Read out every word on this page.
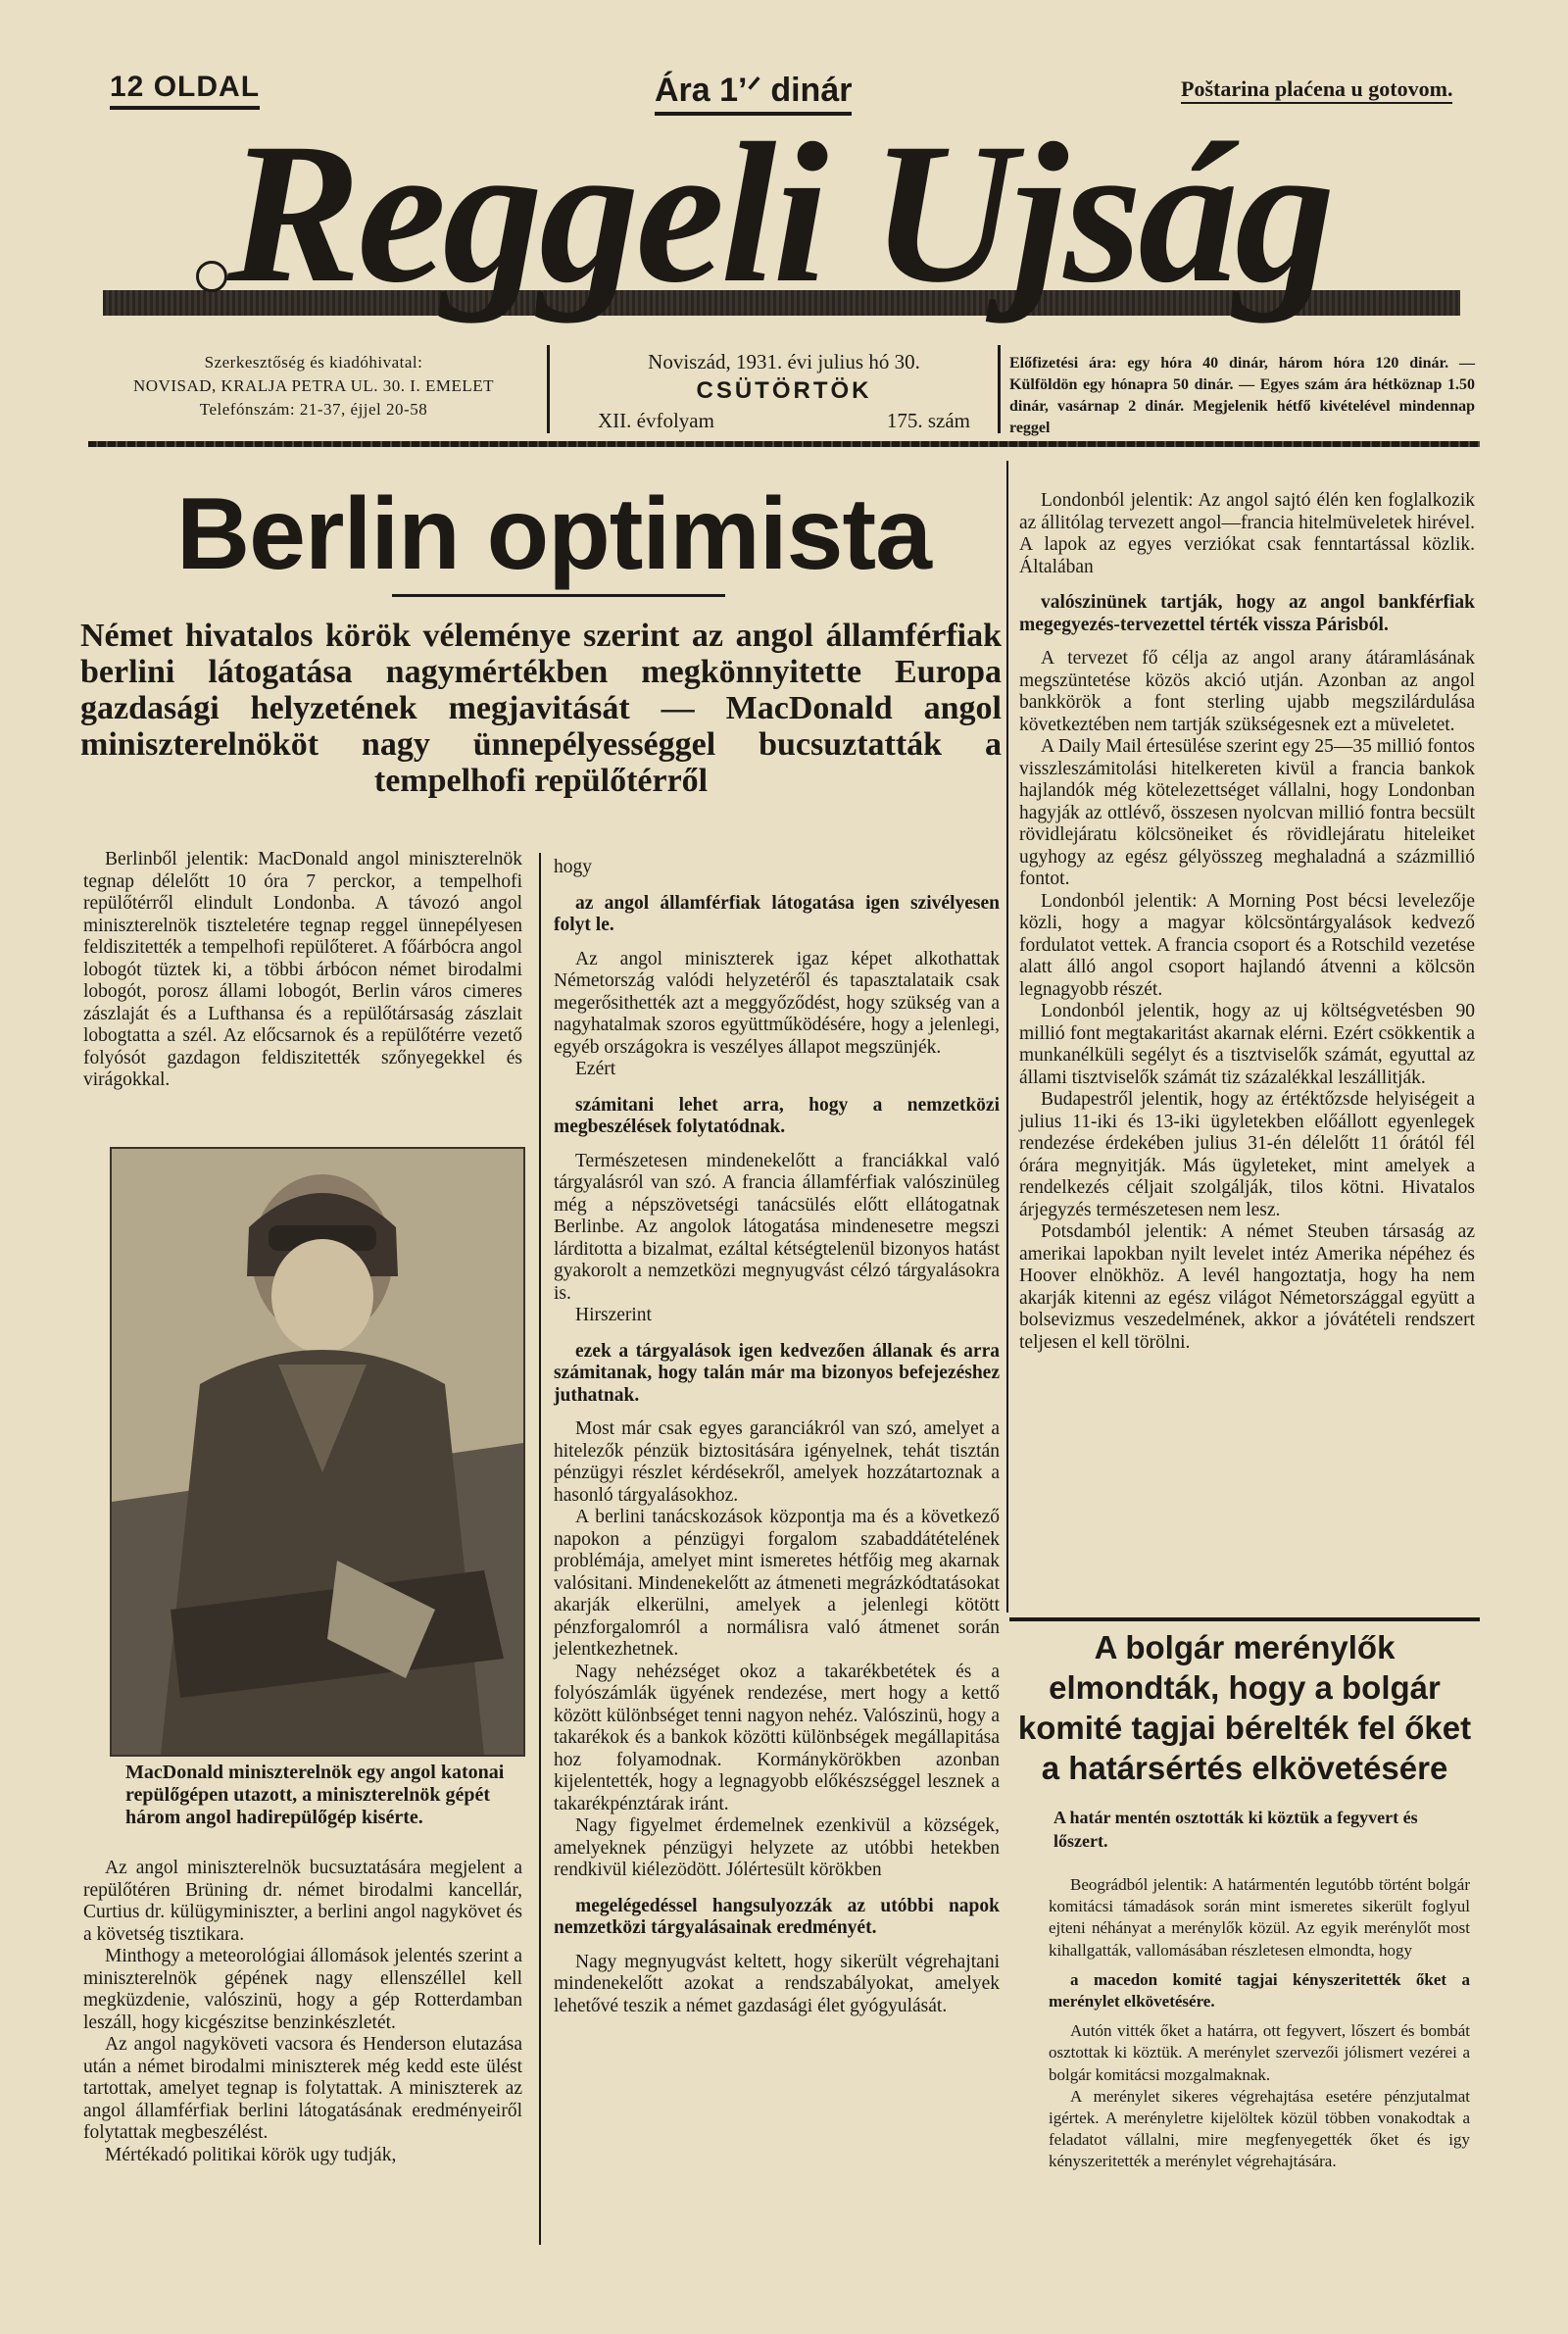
12 OLDAL	Ára 1’ᐟ dinár	Poštarina plaćena u gotovom.
Reggeli Ujság
Szerkesztőség és kiadóhivatal:
NOVISAD, KRALJA PETRA UL. 30. I. EMELET
Telefónszám: 21-37, éjjel 20-58
Noviszád, 1931. évi julius hó 30.
CSÜTÖRTÖK
XII. évfolyam	175. szám
Előfizetési ára: egy hóra 40 dinár, három hóra 120 dinár. — Külföldön egy hónapra 50 dinár. — Egyes szám ára hétköznap 1.50 dinár, vasárnap 2 dinár. Megjelenik hétfő kivételével mindennap reggel
Berlin optimista
Német hivatalos körök véleménye szerint az angol államférfiak berlini látogatása nagymértékben megkönnyitette Europa gazdasági helyzetének megjavitását — MacDonald angol miniszterelnököt nagy ünnepélyességgel bucsuztatták a tempelhofi repülőtérről

Berlinből jelentik: MacDonald angol miniszterelnök tegnap délelőtt 10 óra 7 perckor, a tempelhofi repülőtérről elindult Londonba. A távozó angol miniszterelnök tiszteletére tegnap reggel ünnepélyesen feldiszitették a tempelhofi repülőteret. A főárbócra angol lobogót tüztek ki, a többi árbócon német birodalmi lobogót, porosz állami lobogót, Berlin város cimeres zászlaját és a Lufthansa és a repülőtársaság zászlait lobogtatta a szél. Az előcsarnok és a repülőtérre vezető folyósót gazdagon feldiszitették szőnyegekkel és virágokkal.

MacDonald miniszterelnök egy angol katonai repülőgépen utazott, a miniszterelnök gépét három angol hadirepülőgép kisérte.

Az angol miniszterelnök bucsuztatására megjelent a repülőtéren Brüning dr. német birodalmi kancellár, Curtius dr. külügyminiszter, a berlini angol nagykövet és a követség tisztikara.

Minthogy a meteorológiai állomások jelentés szerint a miniszterelnök gépének nagy ellenszéllel kell megküzdenie, valószinü, hogy a gép Rotterdamban leszáll, hogy kicgészitse benzinkészletét.

Az angol nagyköveti vacsora és Henderson elutazása után a német birodalmi miniszterek még kedd este ülést tartottak, amelyet tegnap is folytattak. A miniszterek az angol államférfiak berlini látogatásának eredményeiről folytattak megbeszélést.

Mértékadó politikai körök ugy tudják,

hogy

az angol államférfiak látogatása igen szivélyesen folyt le.

Az angol miniszterek igaz képet alkothattak Németország valódi helyzetéről és tapasztalataik csak megerősithették azt a meggyőződést, hogy szükség van a nagyhatalmak szoros együttműködésére, hogy a jelenlegi, egyéb országokra is veszélyes állapot megszünjék.

Ezért

számitani lehet arra, hogy a nemzetközi megbeszélések folytatódnak.

Természetesen mindenekelőtt a franciákkal való tárgyalásról van szó. A francia államférfiak valószinüleg még a népszövetségi tanácsülés előtt ellátogatnak Berlinbe. Az angolok látogatása mindenesetre megszi lárditotta a bizalmat, ezáltal kétségtelenül bizonyos hatást gyakorolt a nemzetközi megnyugvást célzó tárgyalásokra is.

Hirszerint

ezek a tárgyalások igen kedvezően állanak és arra számitanak, hogy talán már ma bizonyos befejezéshez juthatnak.

Most már csak egyes garanciákról van szó, amelyet a hitelezők pénzük biztositására igényelnek, tehát tisztán pénzügyi részlet kérdésekről, amelyek hozzátartoznak a hasonló tárgyalásokhoz.

A berlini tanácskozások központja ma és a következő napokon a pénzügyi forgalom szabaddátételének problémája, amelyet mint ismeretes hétfőig meg akarnak valósitani. Mindenekelőtt az átmeneti megrázkódtatásokat akarják elkerülni, amelyek a jelenlegi kötött pénzforgalomról a normálisra való átmenet során jelentkezhetnek.

Nagy nehézséget okoz a takarékbetétek és a folyószámlák ügyének rendezése, mert hogy a kettő között különbséget tenni nagyon nehéz. Valószinü, hogy a takarékok és a bankok közötti különbségek megállapitása hoz folyamodnak. Kormánykörökben azonban kijelentették, hogy a legnagyobb előkészséggel lesznek a takarékpénztárak iránt.

Nagy figyelmet érdemelnek ezenkivül a községek, amelyeknek pénzügyi helyzete az utóbbi hetekben rendkivül kiélezödött. Jólértesült körökben

megelégedéssel hangsulyozzák az utóbbi napok nemzetközi tárgyalásainak eredményét.

Nagy megnyugvást keltett, hogy sikerült végrehajtani mindenekelőtt azokat a rendszabályokat, amelyek lehetővé teszik a német gazdasági élet gyógyulását.

Londonból jelentik: Az angol sajtó élén ken foglalkozik az állitólag tervezett angol—francia hitelmüveletek hirével. A lapok az egyes verziókat csak fenntartással közlik. Általában

valószinünek tartják, hogy az angol bankférfiak megegyezés-tervezettel térték vissza Párisból.

A tervezet fő célja az angol arany átáramlásának megszüntetése közös akció utján. Azonban az angol bankkörök a font sterling ujabb megszilárdulása következtében nem tartják szükségesnek ezt a müveletet.

A Daily Mail értesülése szerint egy 25—35 millió fontos visszleszámitolási hitelkereten kivül a francia bankok hajlandók még kötelezettséget vállalni, hogy Londonban hagyják az ottlévő, összesen nyolcvan millió fontra becsült rövidlejáratu kölcsöneiket és rövidlejáratu hiteleiket ugyhogy az egész gélyösszeg meghaladná a százmillió fontot.

Londonból jelentik: A Morning Post bécsi levelezője közli, hogy a magyar kölcsöntárgyalások kedvező fordulatot vettek. A francia csoport és a Rotschild vezetése alatt álló angol csoport hajlandó átvenni a kölcsön legnagyobb részét.

Londonból jelentik, hogy az uj költségvetésben 90 millió font megtakaritást akarnak elérni. Ezért csökkentik a munkanélküli segélyt és a tisztviselők számát, egyuttal az állami tisztviselők számát tiz százalékkal leszállitják.

Budapestről jelentik, hogy az értéktőzsde helyiségeit a julius 11-iki és 13-iki ügyletekben előállott egyenlegek rendezése érdekében julius 31-én délelőtt 11 órától fél órára megnyitják. Más ügyleteket, mint amelyek a rendelkezés céljait szolgálják, tilos kötni. Hivatalos árjegyzés természetesen nem lesz.

Potsdamból jelentik: A német Steuben társaság az amerikai lapokban nyilt levelet intéz Amerika népéhez és Hoover elnökhöz. A levél hangoztatja, hogy ha nem akarják kitenni az egész világot Németországgal együtt a bolsevizmus veszedelmének, akkor a jóvátételi rendszert teljesen el kell törölni.

A bolgár merénylők elmondták, hogy a bolgár komité tagjai bérelték fel őket a határsértés elkövetésére
A határ mentén osztották ki köztük a fegyvert és lőszert.

Beográdból jelentik: A határmentén legutóbb történt bolgár komitácsi támadások során mint ismeretes sikerült foglyul ejteni néhányat a merénylők közül. Az egyik merénylőt most kihallgatták, vallomásában részletesen elmondta, hogy

a macedon komité tagjai kényszeritették őket a merénylet elkövetésére.

Autón vitték őket a határra, ott fegyvert, lőszert és bombát osztottak ki köztük. A merénylet szervezői jólismert vezérei a bolgár komitácsi mozgalmaknak.

A merénylet sikeres végrehajtása esetére pénzjutalmat igértek. A merényletre kijelöltek közül többen vonakodtak a feladatot vállalni, mire megfenyegették őket és igy kényszeritették a merénylet végrehajtására.
